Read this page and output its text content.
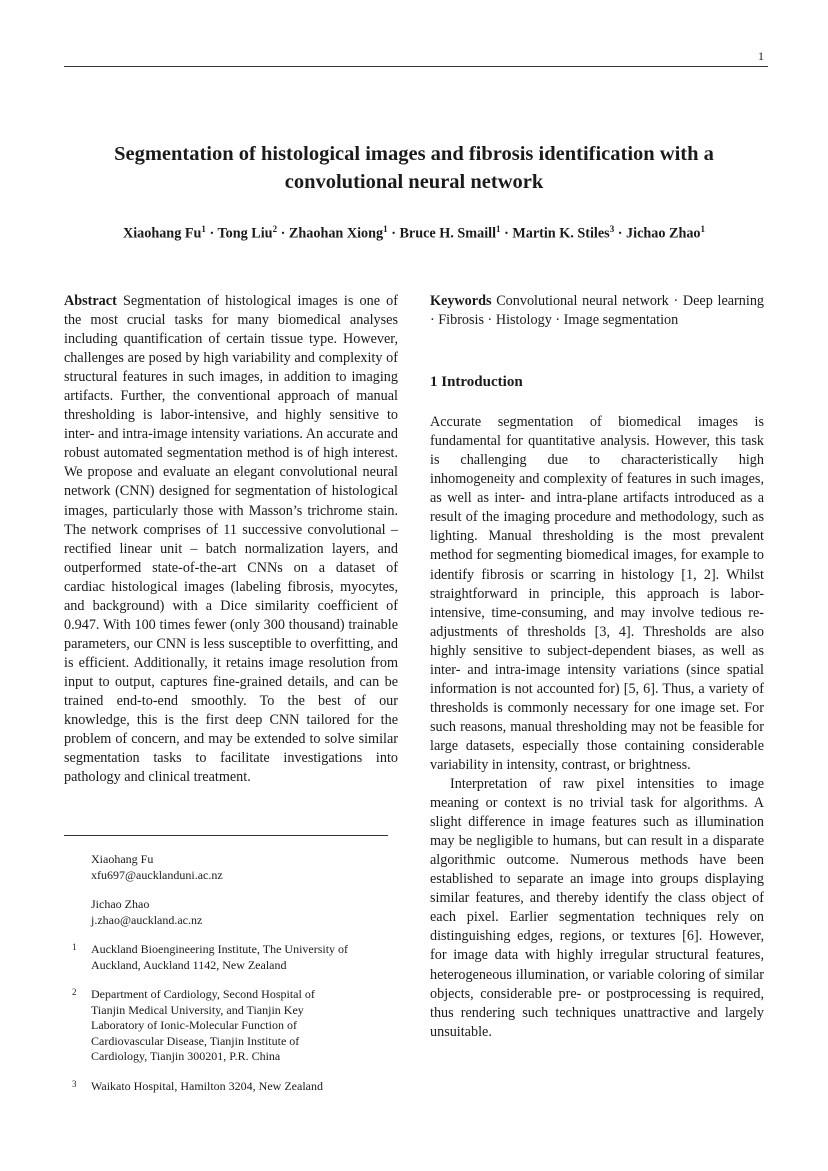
1
Segmentation of histological images and fibrosis identification with a convolutional neural network
Xiaohang $Fu^1$ · Tong Liu$^2$ · Zhaohan Xiong$^1$ · Bruce H. Smaill$^1$ · Martin K. Stiles$^3$ · Jichao Zhao$^1$

Abstract Segmentation of histological images is one of the most crucial tasks for many biomedical analyses including quantification of certain tissue type. However, challenges are posed by high variability and complexity of structural features in such images, in addition to imaging artifacts. Further, the conventional approach of manual thresholding is labor-intensive, and highly sensitive to inter- and intra-image intensity variations. An accurate and robust automated segmentation method is of high interest. We propose and evaluate an elegant convolutional neural network (CNN) designed for segmentation of histological images, particularly those with Masson’s trichrome stain. The network comprises of 11 successive convolutional – rectified linear unit – batch normalization layers, and outperformed state-of-the-art CNNs on a dataset of cardiac histological images (labeling fibrosis, myocytes, and background) with a Dice similarity coefficient of 0.947. With 100 times fewer (only 300 thousand) trainable parameters, our CNN is less susceptible to overfitting, and is efficient. Additionally, it retains image resolution from input to output, captures fine-grained details, and can be trained end-to-end smoothly. To the best of our knowledge, this is the first deep CNN tailored for the problem of concern, and may be extended to solve similar segmentation tasks to facilitate investigations into pathology and clinical treatment.

Xiaohang Fu
xfu697@aucklanduni.ac.nz
Jichao Zhao
j.zhao@auckland.ac.nz
1 Auckland Bioengineering Institute, The University of
Auckland, Auckland 1142, New Zealand
2 Department of Cardiology, Second Hospital of
Tianjin Medical University, and Tianjin Key
Laboratory of Ionic-Molecular Function of
Cardiovascular Disease, Tianjin Institute of
Cardiology, Tianjin 300201, P.R. China
3 Waikato Hospital, Hamilton 3204, New Zealand

Keywords Convolutional neural network · Deep learning · Fibrosis · Histology · Image segmentation

1 Introduction

Accurate segmentation of biomedical images is fundamental for quantitative analysis. However, this task is challenging due to characteristically high inhomogeneity and complexity of features in such images, as well as inter- and intra-plane artifacts introduced as a result of the imaging procedure and methodology, such as lighting. Manual thresholding is the most prevalent method for segmenting biomedical images, for example to identify fibrosis or scarring in histology [1, 2]. Whilst straightforward in principle, this approach is labor-intensive, time-consuming, and may involve tedious re-adjustments of thresholds [3, 4]. Thresholds are also highly sensitive to subject-dependent biases, as well as inter- and intra-image intensity variations (since spatial information is not accounted for) [5, 6]. Thus, a variety of thresholds is commonly necessary for one image set. For such reasons, manual thresholding may not be feasible for large datasets, especially those containing considerable variability in intensity, contrast, or brightness.

Interpretation of raw pixel intensities to image meaning or context is no trivial task for algorithms. A slight difference in image features such as illumination may be negligible to humans, but can result in a disparate algorithmic outcome. Numerous methods have been established to separate an image into groups displaying similar features, and thereby identify the class object of each pixel. Earlier segmentation techniques rely on distinguishing edges, regions, or textures [6]. However, for image data with highly irregular structural features, heterogeneous illumination, or variable coloring of similar objects, considerable pre- or postprocessing is required, thus rendering such techniques unattractive and largely unsuitable.
